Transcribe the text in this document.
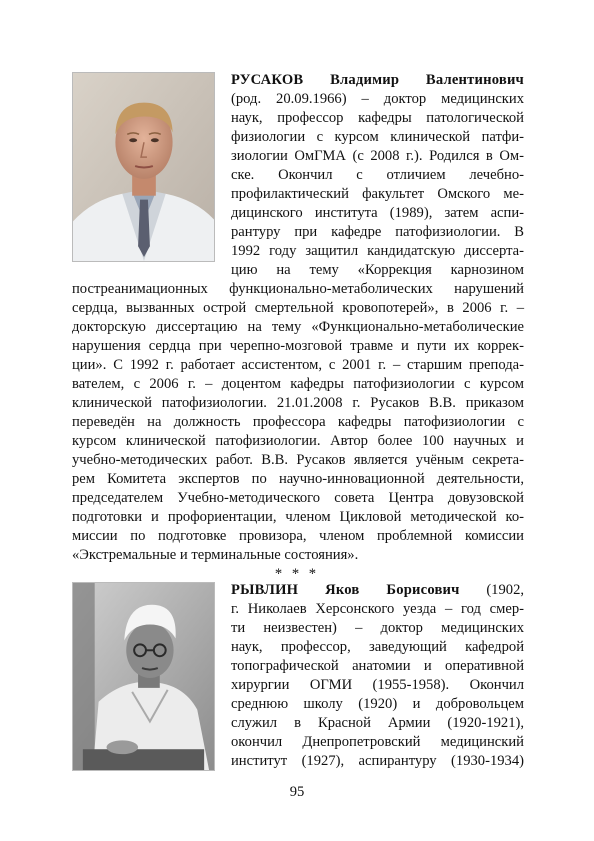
РУСАКОВ Владимир Валентинович
(род. 20.09.1966) – доктор медицинских
наук, профессор кафедры патологической
физиологии с курсом клинической патфи-
зиологии ОмГМА (с 2008 г.). Родился в Ом-
ске. Окончил с отличием лечебно-
профилактический факультет Омского ме-
дицинского института (1989), затем аспи-
рантуру при кафедре патофизиологии. В
1992 году защитил кандидатскую диссерта-
цию на тему «Коррекция карнозином
постреанимационных функционально-метаболических нарушений
сердца, вызванных острой смертельной кровопотерей», в 2006 г. –
докторскую диссертацию на тему «Функционально-метаболические
нарушения сердца при черепно-мозговой травме и пути их коррек-
ции». С 1992 г. работает ассистентом, с 2001 г. – старшим препода-
вателем, с 2006 г. – доцентом кафедры патофизиологии с курсом
клинической патофизиологии. 21.01.2008 г. Русаков В.В. приказом
переведён на должность профессора кафедры патофизиологии с
курсом клинической патофизиологии. Автор более 100 научных и
учебно-методических работ. В.В. Русаков является учёным секрета-
рем Комитета экспертов по научно-инновационной деятельности,
председателем Учебно-методического совета Центра довузовской
подготовки и профориентации, членом Цикловой методической ко-
миссии по подготовке провизора, членом проблемной комиссии
«Экстремальные и терминальные состояния».
* * *
РЫВЛИН Яков Борисович (1902,
г. Николаев Херсонского уезда – год смер-
ти неизвестен) – доктор медицинских
наук, профессор, заведующий кафедрой
топографической анатомии и оперативной
хирургии ОГМИ (1955-1958). Окончил
среднюю школу (1920) и добровольцем
служил в Красной Армии (1920-1921),
окончил Днепропетровский медицинский
институт (1927), аспирантуру (1930-1934)
95
